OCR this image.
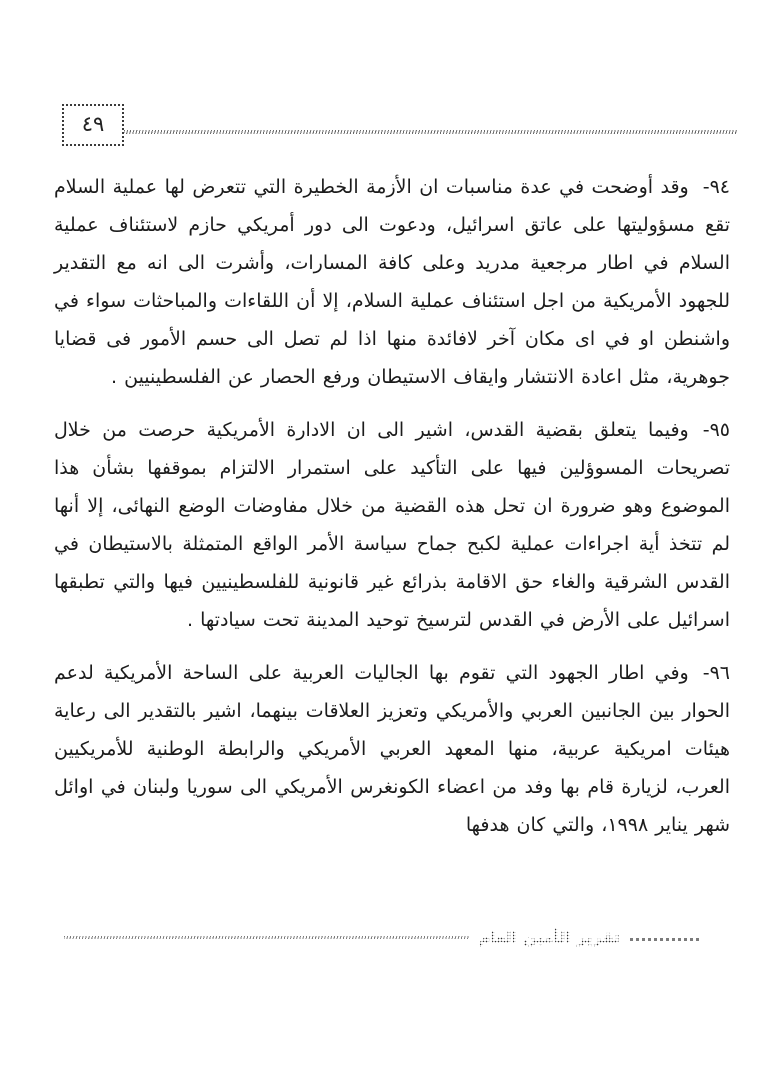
٤٩

٩٤-وقد أوضحت في عدة مناسبات ان الأزمة الخطيرة التي تتعرض لها عملية السلام تقع مسؤوليتها على عاتق اسرائيل، ودعوت الى دور أمريكي حازم لاستئناف عملية السلام في اطار مرجعية مدريد وعلى كافة المسارات، وأشرت الى انه مع التقدير للجهود الأمريكية من اجل استئناف عملية السلام، إلا أن اللقاءات والمباحثات سواء في واشنطن او في اى مكان آخر لافائدة منها اذا لم تصل الى حسم الأمور فى قضايا جوهرية، مثل اعادة الانتشار وايقاف الاستيطان ورفع الحصار عن الفلسطينيين .

٩٥-وفيما يتعلق بقضية القدس، اشير الى ان الادارة الأمريكية حرصت من خلال تصريحات المسوؤلين فيها على التأكيد على استمرار الالتزام بموقفها بشأن هذا الموضوع وهو ضرورة ان تحل هذه القضية من خلال مفاوضات الوضع النهائى، إلا أنها لم تتخذ أية اجراءات عملية لكبح جماح سياسة الأمر الواقع المتمثلة بالاستيطان في القدس الشرقية والغاء حق الاقامة بذرائع غير قانونية للفلسطينيين فيها والتي تطبقها اسرائيل على الأرض في القدس لترسيخ توحيد المدينة تحت سيادتها .

٩٦-وفي اطار الجهود التي تقوم بها الجاليات العربية على الساحة الأمريكية لدعم الحوار بين الجانبين العربي والأمريكي وتعزيز العلاقات بينهما، اشير بالتقدير الى رعاية هيئات امريكية عربية، منها المعهد العربي الأمريكي والرابطة الوطنية للأمريكيين العرب، لزيارة قام بها وفد من اعضاء الكونغرس الأمريكي الى سوريا ولبنان في اوائل شهر يناير ١٩٩٨، والتي كان هدفها

تقرير الأمين العام
